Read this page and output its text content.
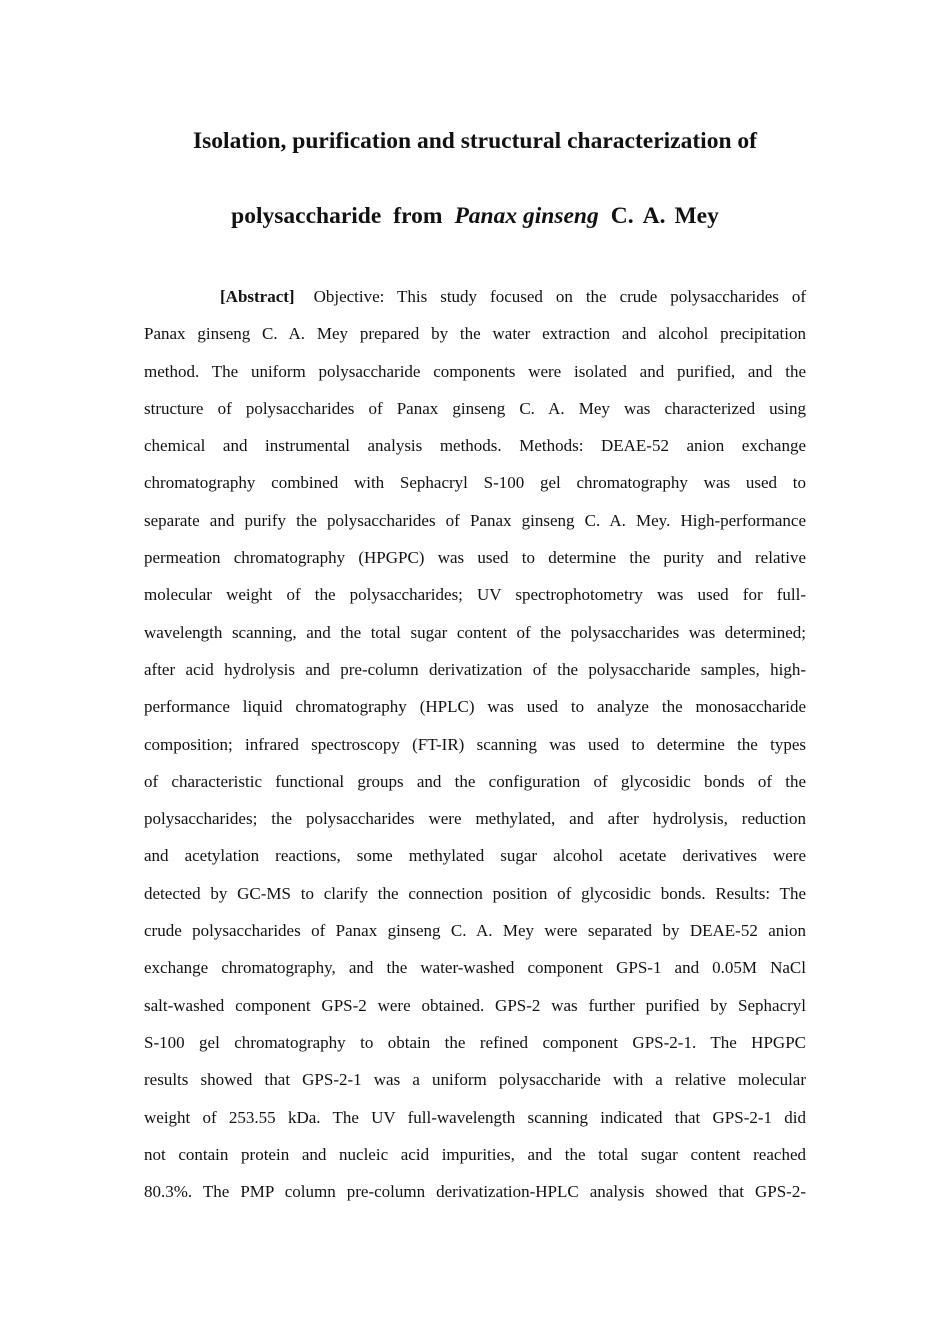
Isolation, purification and structural characterization of
polysaccharide from Panax ginseng C. A. Mey
[Abstract] Objective: This study focused on the crude polysaccharides of
Panax ginseng C. A. Mey prepared by the water extraction and alcohol precipitation
method. The uniform polysaccharide components were isolated and purified, and the
structure of polysaccharides of Panax ginseng C. A. Mey was characterized using
chemical and instrumental analysis methods. Methods: DEAE-52 anion exchange
chromatography combined with Sephacryl S-100 gel chromatography was used to
separate and purify the polysaccharides of Panax ginseng C. A. Mey. High-performance
permeation chromatography (HPGPC) was used to determine the purity and relative
molecular weight of the polysaccharides; UV spectrophotometry was used for full-
wavelength scanning, and the total sugar content of the polysaccharides was determined;
after acid hydrolysis and pre-column derivatization of the polysaccharide samples, high-
performance liquid chromatography (HPLC) was used to analyze the monosaccharide
composition; infrared spectroscopy (FT-IR) scanning was used to determine the types
of characteristic functional groups and the configuration of glycosidic bonds of the
polysaccharides; the polysaccharides were methylated, and after hydrolysis, reduction
and acetylation reactions, some methylated sugar alcohol acetate derivatives were
detected by GC-MS to clarify the connection position of glycosidic bonds. Results: The
crude polysaccharides of Panax ginseng C. A. Mey were separated by DEAE-52 anion
exchange chromatography, and the water-washed component GPS-1 and 0.05M NaCl
salt-washed component GPS-2 were obtained. GPS-2 was further purified by Sephacryl
S-100 gel chromatography to obtain the refined component GPS-2-1. The HPGPC
results showed that GPS-2-1 was a uniform polysaccharide with a relative molecular
weight of 253.55 kDa. The UV full-wavelength scanning indicated that GPS-2-1 did
not contain protein and nucleic acid impurities, and the total sugar content reached
80.3%. The PMP column pre-column derivatization-HPLC analysis showed that GPS-2-
